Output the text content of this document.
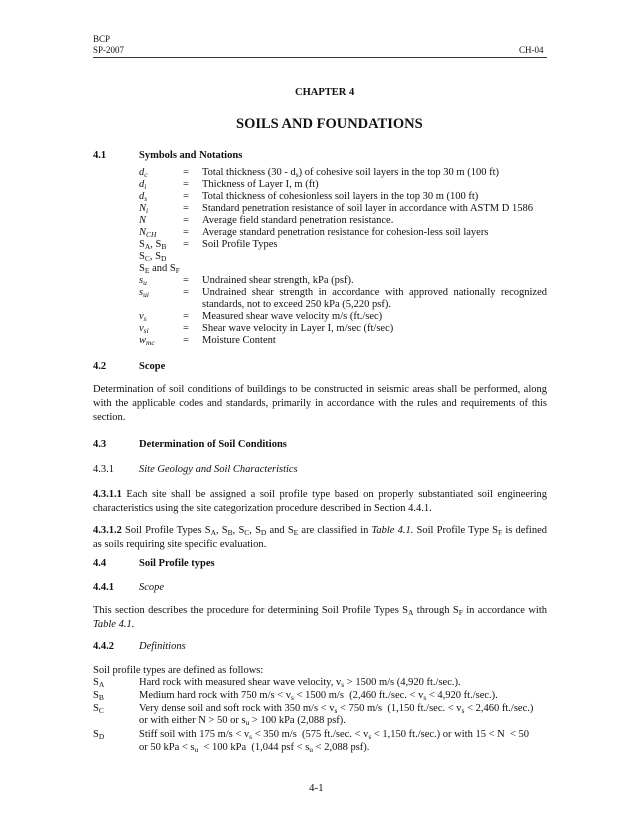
BCP
SP-2007	CH-04
CHAPTER 4
SOILS AND FOUNDATIONS
4.1	Symbols and Notations
$d_c$	= Total thickness $(30 - d_s)$ of cohesive soil layers in the top 30 m (100 ft)
$d_i$	= Thickness of Layer I, m (ft)
$d_s$	= Total thickness of cohesionless soil layers in the top 30 m (100 ft)
$N_i$	= Standard penetration resistance of soil layer in accordance with ASTM D 1586
N	= Average field standard penetration resistance.
$N_{CH}$	= Average standard penetration resistance for cohesion-less soil layers
$S_A$, $S_B$ = Soil Profile Types
$S_C$, $S_D$
$S_E$ and $S_F$
$s_u$	= Undrained shear strength, kPa (psf).
$s_{ui}$	= Undrained shear strength in accordance with approved nationally recognized
standards, not to exceed 250 kPa (5,220 psf).
$v_s$	= Measured shear wave velocity m/s (ft./sec)
$v_{si}$	= Shear wave velocity in Layer I, m/sec (ft/sec)
$w_{mc}$	= Moisture Content
4.2	Scope
Determination of soil conditions of buildings to be constructed in seismic areas shall be performed, along with the applicable codes and standards, primarily in accordance with the rules and requirements of this section.
4.3	Determination of Soil Conditions
4.3.1 Site Geology and Soil Characteristics
4.3.1.1 Each site shall be assigned a soil profile type based on properly substantiated soil engineering characteristics using the site categorization procedure described in Section 4.4.1.
4.3.1.2 Soil Profile Types $S_A$, $S_B$, $S_C$, $S_D$ and $S_E$ are classified in Table 4.1. Soil Profile Type $S_F$ is defined as soils requiring site specific evaluation.
4.4	Soil Profile types
4.4.1 Scope
This section describes the procedure for determining Soil Profile Types $S_A$ through $S_F$ in accordance with Table 4.1.
4.4.2 Definitions
Soil profile types are defined as follows:
$S_A$	Hard rock with measured shear wave velocity, $v_s > 1500$ m/s (4,920 ft./sec.).
$S_B$	Medium hard rock with 750 $m/s < v_s < 1500$ m/s  (2,460 ft./sec. < $v_s < 4,920$ ft./sec.).
$S_C$	Very dense soil and soft rock with 350 $m/s < v_s < 750$ m/s  (1,150 ft./sec. < $v_s < 2,460$ ft./sec.)
or with either N > 50 or $s_u > 100$ kPa (2,088 psf).
$S_D$	Stiff soil with 175 $m/s < v_s < 350$ m/s  (575 ft./sec. < $v_s < 1,150$ ft./sec.) or with 15 < N  < 50
or 50 kPa < $s_u < 100$ kPa  (1,044 psf < $s_u < 2,088$ psf).
4-1
